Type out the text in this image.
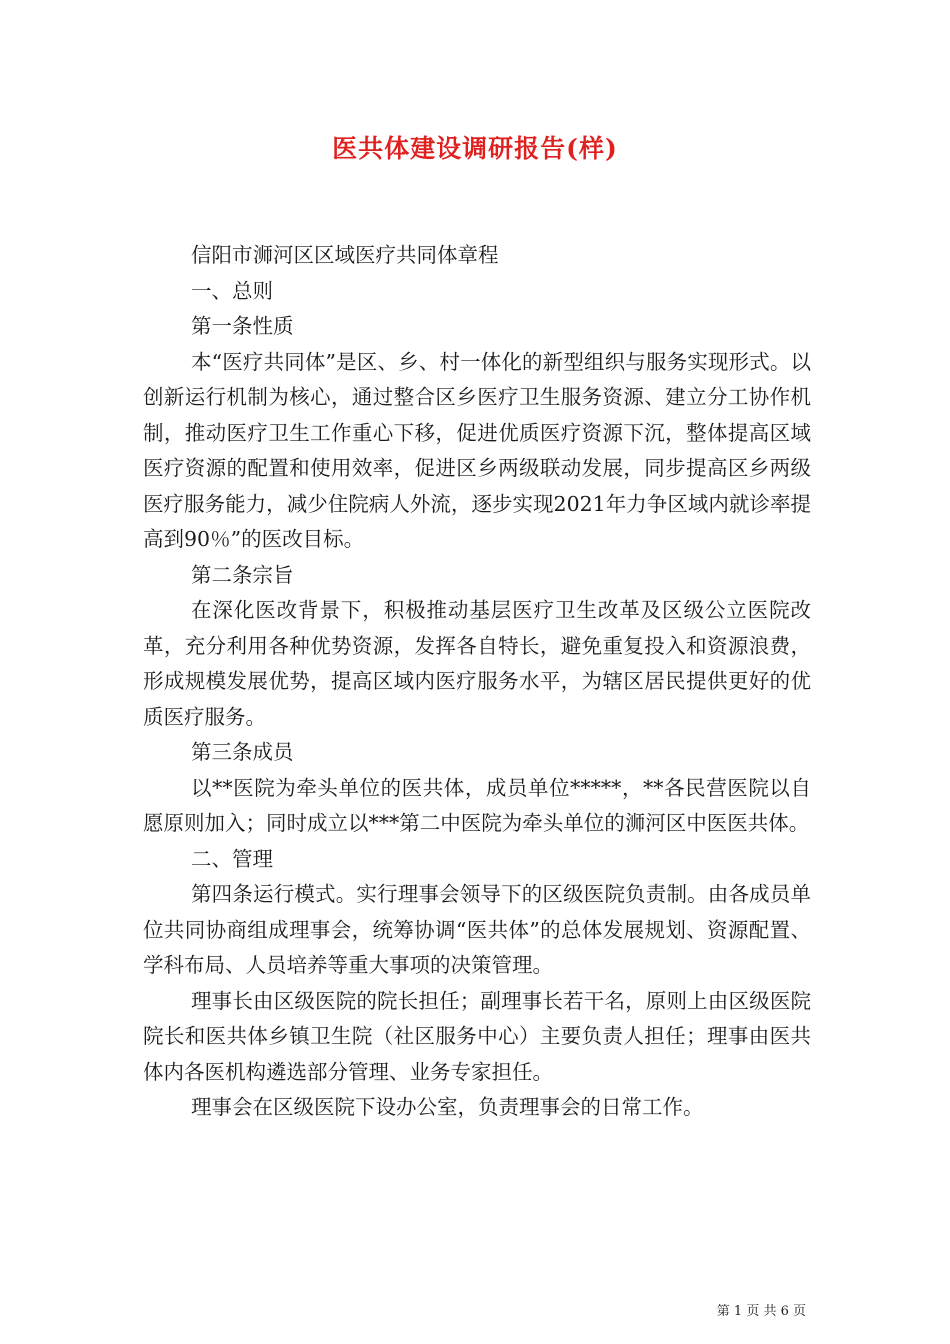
医共体建设调研报告(样)

信阳市浉河区区域医疗共同体章程

一、总则

第一条性质

本“医疗共同体”是区、乡、村一体化的新型组织与服务实现形式。以创新运行机制为核心，通过整合区乡医疗卫生服务资源、建立分工协作机制，推动医疗卫生工作重心下移，促进优质医疗资源下沉，整体提高区域医疗资源的配置和使用效率，促进区乡两级联动发展，同步提高区乡两级医疗服务能力，减少住院病人外流，逐步实现2021年力争区域内就诊率提高到90％”的医改目标。

第二条宗旨

在深化医改背景下，积极推动基层医疗卫生改革及区级公立医院改革，充分利用各种优势资源，发挥各自特长，避免重复投入和资源浪费，形成规模发展优势，提高区域内医疗服务水平，为辖区居民提供更好的优质医疗服务。

第三条成员

以**医院为牵头单位的医共体，成员单位*****，**各民营医院以自愿原则加入；同时成立以***第二中医院为牵头单位的浉河区中医医共体。

二、管理

第四条运行模式。实行理事会领导下的区级医院负责制。由各成员单位共同协商组成理事会，统筹协调“医共体”的总体发展规划、资源配置、学科布局、人员培养等重大事项的决策管理。

理事长由区级医院的院长担任；副理事长若干名，原则上由区级医院院长和医共体乡镇卫生院（社区服务中心）主要负责人担任；理事由医共体内各医机构遴选部分管理、业务专家担任。

理事会在区级医院下设办公室，负责理事会的日常工作。

第 1 页 共 6 页
